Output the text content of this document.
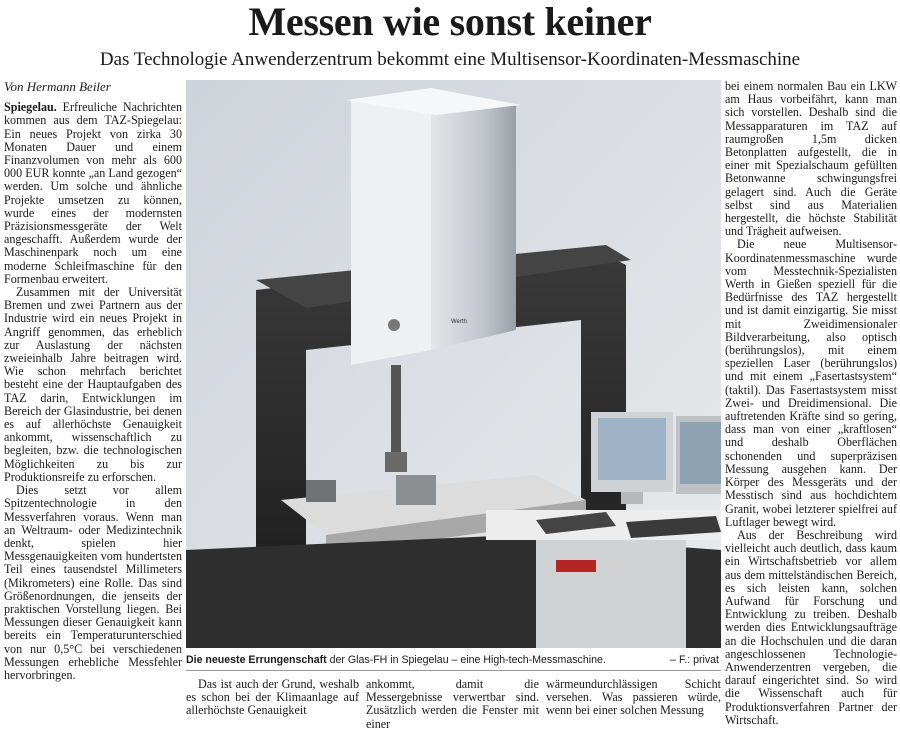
Messen wie sonst keiner
Das Technologie Anwenderzentrum bekommt eine Multisensor-Koordinaten-Messmaschine

Von Hermann Beiler

Spiegelau. Erfreuliche Nachrichten kommen aus dem TAZ-Spiegelau: Ein neues Projekt von zirka 30 Monaten Dauer und einem Finanzvolumen von mehr als 600 000 EUR konnte „an Land gezogen“ werden. Um solche und ähnliche Projekte umsetzen zu können, wurde eines der modernsten Präzisionsmessgeräte der Welt angeschafft. Außerdem wurde der Maschinenpark noch um eine moderne Schleifmaschine für den Formenbau erweitert.

Zusammen mit der Universität Bremen und zwei Partnern aus der Industrie wird ein neues Projekt in Angriff genommen, das erheblich zur Auslastung der nächsten zweieinhalb Jahre beitragen wird. Wie schon mehrfach berichtet besteht eine der Hauptaufgaben des TAZ darin, Entwicklungen im Bereich der Glasindustrie, bei denen es auf allerhöchste Genauigkeit ankommt, wissenschaftlich zu begleiten, bzw. die technologischen Möglichkeiten zu bis zur Produktionsreife zu erforschen.

Dies setzt vor allem Spitzentechnologie in den Messverfahren voraus. Wenn man an Weltraum- oder Medizintechnik denkt, spielen hier Messgenauigkeiten vom hundertsten Teil eines tausendstel Millimeters (Mikrometers) eine Rolle. Das sind Größenordnungen, die jenseits der praktischen Vorstellung liegen. Bei Messungen dieser Genauigkeit kann bereits ein Temperaturunterschied von nur 0,5°C bei verschiedenen Messungen erhebliche Messfehler hervorbringen.

Werth
Die neueste Errungenschaft der Glas-FH in Spiegelau – eine High-tech-Messmaschine.	– F.: privat

Das ist auch der Grund, weshalb es schon bei der Klimaanlage auf allerhöchste Genauigkeit

ankommt, damit die Messergebnisse verwertbar sind. Zusätzlich werden die Fenster mit einer

wärmeundurchlässigen Schicht versehen. Was passieren würde, wenn bei einer solchen Messung

bei einem normalen Bau ein LKW am Haus vorbeifährt, kann man sich vorstellen. Deshalb sind die Messapparaturen im TAZ auf raumgroßen 1,5m dicken Betonplatten aufgestellt, die in einer mit Spezialschaum gefüllten Betonwanne schwingungsfrei gelagert sind. Auch die Geräte selbst sind aus Materialien hergestellt, die höchste Stabilität und Trägheit aufweisen.

Die neue Multisensor-Koordinatenmessmaschine wurde vom Messtechnik-Spezialisten Werth in Gießen speziell für die Bedürfnisse des TAZ hergestellt und ist damit einzigartig. Sie misst mit Zweidimensionaler Bildverarbeitung, also optisch (berührungslos), mit einem speziellen Laser (berührungslos) und mit einem „Fasertastsystem“ (taktil). Das Fasertastsystem misst Zwei- und Dreidimensional. Die auftretenden Kräfte sind so gering, dass man von einer „kraftlosen“ und deshalb Oberflächen schonenden und superpräzisen Messung ausgehen kann. Der Körper des Messgeräts und der Messtisch sind aus hochdichtem Granit, wobei letzterer spielfrei auf Luftlager bewegt wird.

Aus der Beschreibung wird vielleicht auch deutlich, dass kaum ein Wirtschaftsbetrieb vor allem aus dem mittelständischen Bereich, es sich leisten kann, solchen Aufwand für Forschung und Entwicklung zu treiben. Deshalb werden dies Entwicklungsaufträge an die Hochschulen und die daran angeschlossenen Technologie-Anwenderzentren vergeben, die darauf eingerichtet sind. So wird die Wissenschaft auch für Produktionsverfahren Partner der Wirtschaft.
